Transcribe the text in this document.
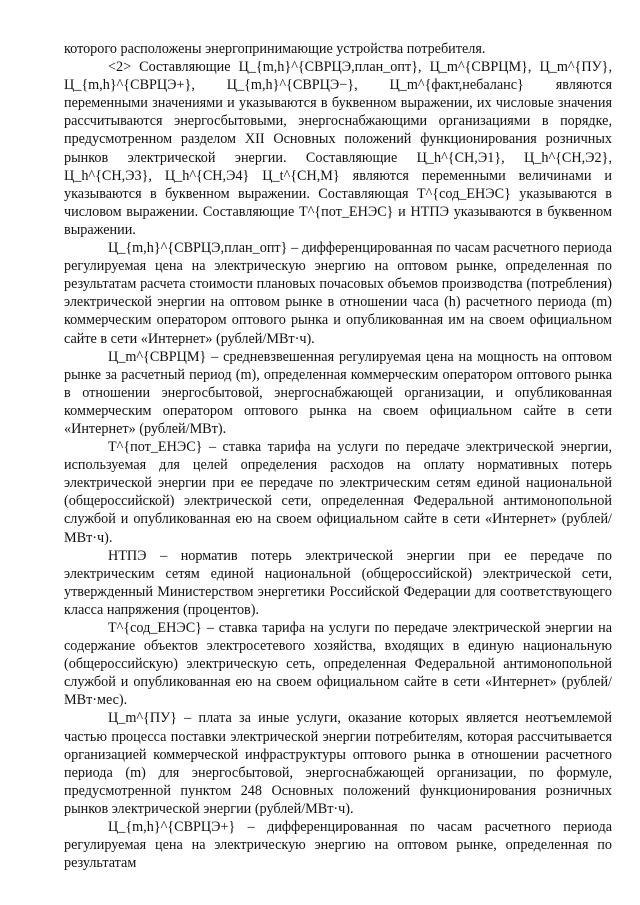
которого расположены энергопринимающие устройства потребителя.

<2> Составляющие Ц_{m,h}^{СВРЦЭ,план_опт}, Ц_m^{СВРЦМ}, Ц_m^{ПУ}, Ц_{m,h}^{СВРЦЭ+}, Ц_{m,h}^{СВРЦЭ−}, Ц_m^{факт,небаланс} являются переменными значениями и указываются в буквенном выражении, их числовые значения рассчитываются энергосбытовыми, энергоснабжающими организациями в порядке, предусмотренном разделом XII Основных положений функционирования розничных рынков электрической энергии. Составляющие Ц_h^{СН,Э1}, Ц_h^{СН,Э2}, Ц_h^{СН,Э3}, Ц_h^{СН,Э4} Ц_t^{СН,М} являются переменными величинами и указываются в буквенном выражении. Составляющая Т^{сод_ЕНЭС} указываются в числовом выражении. Составляющие Т^{пот_ЕНЭС} и НТПЭ указываются в буквенном выражении.

Ц_{m,h}^{СВРЦЭ,план_опт} – дифференцированная по часам расчетного периода регулируемая цена на электрическую энергию на оптовом рынке, определенная по результатам расчета стоимости плановых почасовых объемов производства (потребления) электрической энергии на оптовом рынке в отношении часа (h) расчетного периода (m) коммерческим оператором оптового рынка и опубликованная им на своем официальном сайте в сети «Интернет» (рублей/МВт·ч).

Ц_m^{СВРЦМ} – средневзвешенная регулируемая цена на мощность на оптовом рынке за расчетный период (m), определенная коммерческим оператором оптового рынка в отношении энергосбытовой, энергоснабжающей организации, и опубликованная коммерческим оператором оптового рынка на своем официальном сайте в сети «Интернет» (рублей/МВт).

Т^{пот_ЕНЭС} – ставка тарифа на услуги по передаче электрической энергии, используемая для целей определения расходов на оплату нормативных потерь электрической энергии при ее передаче по электрическим сетям единой национальной (общероссийской) электрической сети, определенная Федеральной антимонопольной службой и опубликованная ею на своем официальном сайте в сети «Интернет» (рублей/МВт·ч).

НТПЭ – норматив потерь электрической энергии при ее передаче по электрическим сетям единой национальной (общероссийской) электрической сети, утвержденный Министерством энергетики Российской Федерации для соответствующего класса напряжения (процентов).

Т^{сод_ЕНЭС} – ставка тарифа на услуги по передаче электрической энергии на содержание объектов электросетевого хозяйства, входящих в единую национальную (общероссийскую) электрическую сеть, определенная Федеральной антимонопольной службой и опубликованная ею на своем официальном сайте в сети «Интернет» (рублей/МВт·мес).

Ц_m^{ПУ} – плата за иные услуги, оказание которых является неотъемлемой частью процесса поставки электрической энергии потребителям, которая рассчитывается организацией коммерческой инфраструктуры оптового рынка в отношении расчетного периода (m) для энергосбытовой, энергоснабжающей организации, по формуле, предусмотренной пунктом 248 Основных положений функционирования розничных рынков электрической энергии (рублей/МВт·ч).

Ц_{m,h}^{СВРЦЭ+} – дифференцированная по часам расчетного периода регулируемая цена на электрическую энергию на оптовом рынке, определенная по результатам
